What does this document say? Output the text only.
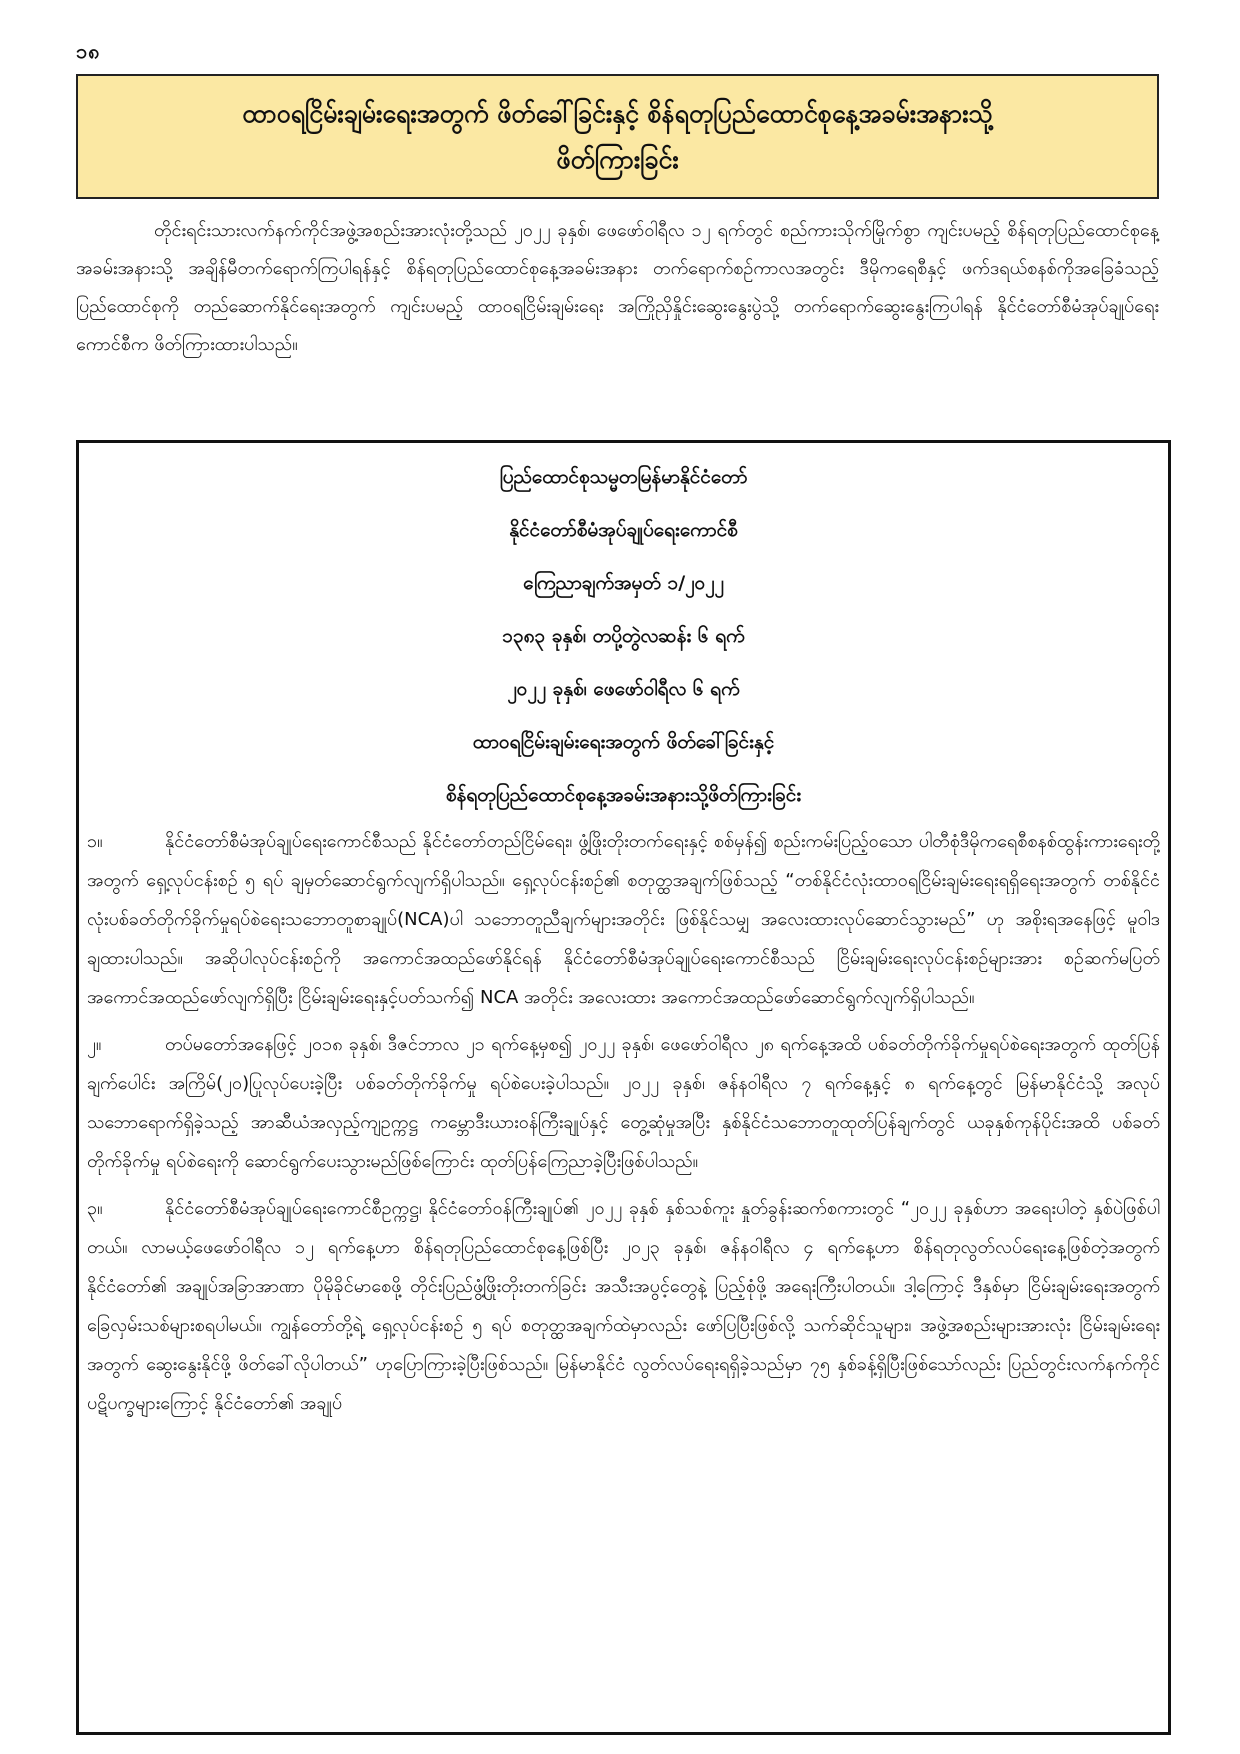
၁၈
ထာဝရငြိမ်းချမ်းရေးအတွက် ဖိတ်ခေါ်ခြင်းနှင့် စိန်ရတုပြည်ထောင်စုနေ့အခမ်းအနားသို့
ဖိတ်ကြားခြင်း

တိုင်းရင်းသားလက်နက်ကိုင်အဖွဲ့အစည်းအားလုံးတို့သည် ၂၀၂၂ ခုနှစ်၊ ဖေဖော်ဝါရီလ ၁၂ ရက်တွင် စည်ကားသိုက်မြိုက်စွာ ကျင်းပမည့် စိန်ရတုပြည်ထောင်စုနေ့ အခမ်းအနားသို့ အချိန်မီတက်ရောက်ကြပါရန်နှင့် စိန်ရတုပြည်ထောင်စုနေ့အခမ်းအနား တက်ရောက်စဉ်ကာလအတွင်း ဒီမိုကရေစီနှင့် ဖက်ဒရယ်စနစ်ကိုအခြေခံသည့် ပြည်ထောင်စုကို တည်ဆောက်နိုင်ရေးအတွက် ကျင်းပမည့် ထာဝရငြိမ်းချမ်းရေး အကြိုညှိနှိုင်းဆွေးနွေးပွဲသို့ တက်ရောက်ဆွေးနွေးကြပါရန် နိုင်ငံတော်စီမံအုပ်ချုပ်ရေးကောင်စီက ဖိတ်ကြားထားပါသည်။

ပြည်ထောင်စုသမ္မတမြန်မာနိုင်ငံတော်

နိုင်ငံတော်စီမံအုပ်ချုပ်ရေးကောင်စီ

ကြေညာချက်အမှတ် ၁/၂၀၂၂

၁၃၈၃ ခုနှစ်၊ တပို့တွဲလဆန်း ၆ ရက်

၂၀၂၂ ခုနှစ်၊ ဖေဖော်ဝါရီလ ၆ ရက်

ထာဝရငြိမ်းချမ်းရေးအတွက် ဖိတ်ခေါ်ခြင်းနှင့်

စိန်ရတုပြည်ထောင်စုနေ့အခမ်းအနားသို့ဖိတ်ကြားခြင်း

၁။	နိုင်ငံတော်စီမံအုပ်ချုပ်ရေးကောင်စီသည် နိုင်ငံတော်တည်ငြိမ်ရေး၊ ဖွံ့ဖြိုးတိုးတက်ရေးနှင့် စစ်မှန်၍ စည်းကမ်းပြည့်ဝသော ပါတီစုံဒီမိုကရေစီစနစ်ထွန်းကားရေးတို့အတွက် ရှေ့လုပ်ငန်းစဉ် ၅ ရပ် ချမှတ်ဆောင်ရွက်လျက်ရှိပါသည်။ ရှေ့လုပ်ငန်းစဉ်၏ စတုတ္ထအချက်ဖြစ်သည့် “တစ်နိုင်ငံလုံးထာဝရငြိမ်းချမ်းရေးရရှိရေးအတွက် တစ်နိုင်ငံလုံးပစ်ခတ်တိုက်ခိုက်မှုရပ်စဲရေးသဘောတူစာချုပ်(NCA)ပါ သဘောတူညီချက်များအတိုင်း ဖြစ်နိုင်သမျှ အလေးထားလုပ်ဆောင်သွားမည်” ဟု အစိုးရအနေဖြင့် မူဝါဒချထားပါသည်။ အဆိုပါလုပ်ငန်းစဉ်ကို အကောင်အထည်ဖော်နိုင်ရန် နိုင်ငံတော်စီမံအုပ်ချုပ်ရေးကောင်စီသည် ငြိမ်းချမ်းရေးလုပ်ငန်းစဉ်များအား စဉ်ဆက်မပြတ်အကောင်အထည်ဖော်လျက်ရှိပြီး ငြိမ်းချမ်းရေးနှင့်ပတ်သက်၍ NCA အတိုင်း အလေးထား အကောင်အထည်ဖော်ဆောင်ရွက်လျက်ရှိပါသည်။

၂။	တပ်မတော်အနေဖြင့် ၂၀၁၈ ခုနှစ်၊ ဒီဇင်ဘာလ ၂၁ ရက်နေ့မှစ၍ ၂၀၂၂ ခုနှစ်၊ ဖေဖော်ဝါရီလ ၂၈ ရက်နေ့အထိ ပစ်ခတ်တိုက်ခိုက်မှုရပ်စဲရေးအတွက် ထုတ်ပြန်ချက်ပေါင်း အကြိမ်(၂၀)ပြုလုပ်ပေးခဲ့ပြီး ပစ်ခတ်တိုက်ခိုက်မှု ရပ်စဲပေးခဲ့ပါသည်။ ၂၀၂၂ ခုနှစ်၊ ဇန်နဝါရီလ ၇ ရက်နေ့နှင့် ၈ ရက်နေ့တွင် မြန်မာနိုင်ငံသို့ အလုပ်သဘောရောက်ရှိခဲ့သည့် အာဆီယံအလှည့်ကျဥက္ကဋ္ဌ ကမ္ဘောဒီးယားဝန်ကြီးချုပ်နှင့် တွေ့ဆုံမှုအပြီး နှစ်နိုင်ငံသဘောတူထုတ်ပြန်ချက်တွင် ယခုနှစ်ကုန်ပိုင်းအထိ ပစ်ခတ်တိုက်ခိုက်မှု ရပ်စဲရေးကို ဆောင်ရွက်ပေးသွားမည်ဖြစ်ကြောင်း ထုတ်ပြန်ကြေညာခဲ့ပြီးဖြစ်ပါသည်။

၃။	နိုင်ငံတော်စီမံအုပ်ချုပ်ရေးကောင်စီဥက္ကဋ္ဌ၊ နိုင်ငံတော်ဝန်ကြီးချုပ်၏ ၂၀၂၂ ခုနှစ် နှစ်သစ်ကူး နှုတ်ခွန်းဆက်စကားတွင် “၂၀၂၂ ခုနှစ်ဟာ အရေးပါတဲ့ နှစ်ပဲဖြစ်ပါတယ်။ လာမယ့်ဖေဖော်ဝါရီလ ၁၂ ရက်နေ့ဟာ စိန်ရတုပြည်ထောင်စုနေ့ဖြစ်ပြီး ၂၀၂၃ ခုနှစ်၊ ဇန်နဝါရီလ ၄ ရက်နေ့ဟာ စိန်ရတုလွတ်လပ်ရေးနေ့ဖြစ်တဲ့အတွက် နိုင်ငံတော်၏ အချုပ်အခြာအာဏာ ပိုမိုခိုင်မာစေဖို့ တိုင်းပြည်ဖွံ့ဖြိုးတိုးတက်ခြင်း အသီးအပွင့်တွေနဲ့ ပြည့်စုံဖို့ အရေးကြီးပါတယ်။ ဒါ့ကြောင့် ဒီနှစ်မှာ ငြိမ်းချမ်းရေးအတွက် ခြေလှမ်းသစ်များစရပါမယ်။ ကျွန်တော်တို့ရဲ့ ရှေ့လုပ်ငန်းစဉ် ၅ ရပ် စတုတ္ထအချက်ထဲမှာလည်း ဖော်ပြပြီးဖြစ်လို့ သက်ဆိုင်သူများ၊ အဖွဲ့အစည်းများအားလုံး ငြိမ်းချမ်းရေးအတွက် ဆွေးနွေးနိုင်ဖို့ ဖိတ်ခေါ်လိုပါတယ်” ဟုပြောကြားခဲ့ပြီးဖြစ်သည်။ မြန်မာနိုင်ငံ လွတ်လပ်ရေးရရှိခဲ့သည်မှာ ၇၅ နှစ်ခန့်ရှိပြီးဖြစ်သော်လည်း ပြည်တွင်းလက်နက်ကိုင်ပဋိပက္ခများကြောင့် နိုင်ငံတော်၏ အချုပ်
